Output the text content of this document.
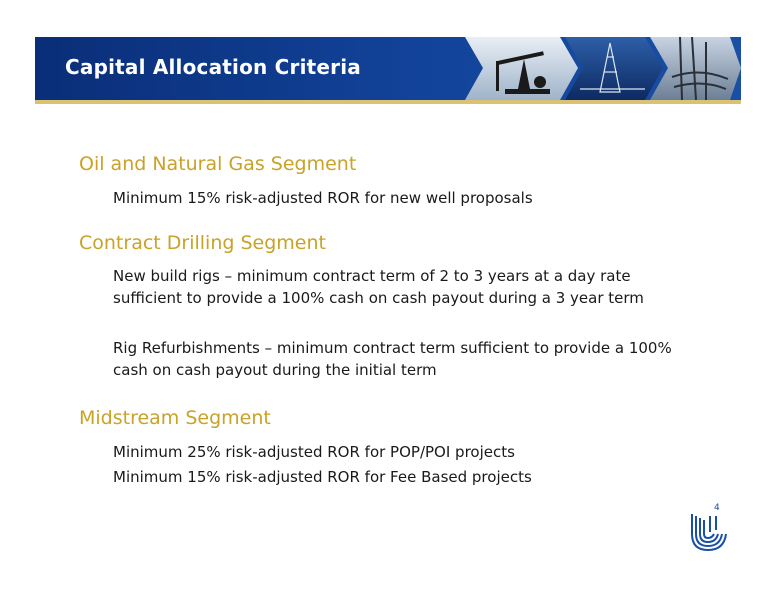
Capital Allocation Criteria
Oil and Natural Gas Segment
Minimum 15% risk-adjusted ROR for new well proposals
Contract Drilling Segment
New build rigs – minimum contract term of 2 to 3 years at a day rate
sufficient to provide a 100% cash on cash payout during a 3 year term
Rig Refurbishments – minimum contract term sufficient to provide a 100%
cash on cash payout during the initial term
Midstream Segment
Minimum 25% risk-adjusted ROR for POP/POI projects
Minimum 15% risk-adjusted ROR for Fee Based projects
4
